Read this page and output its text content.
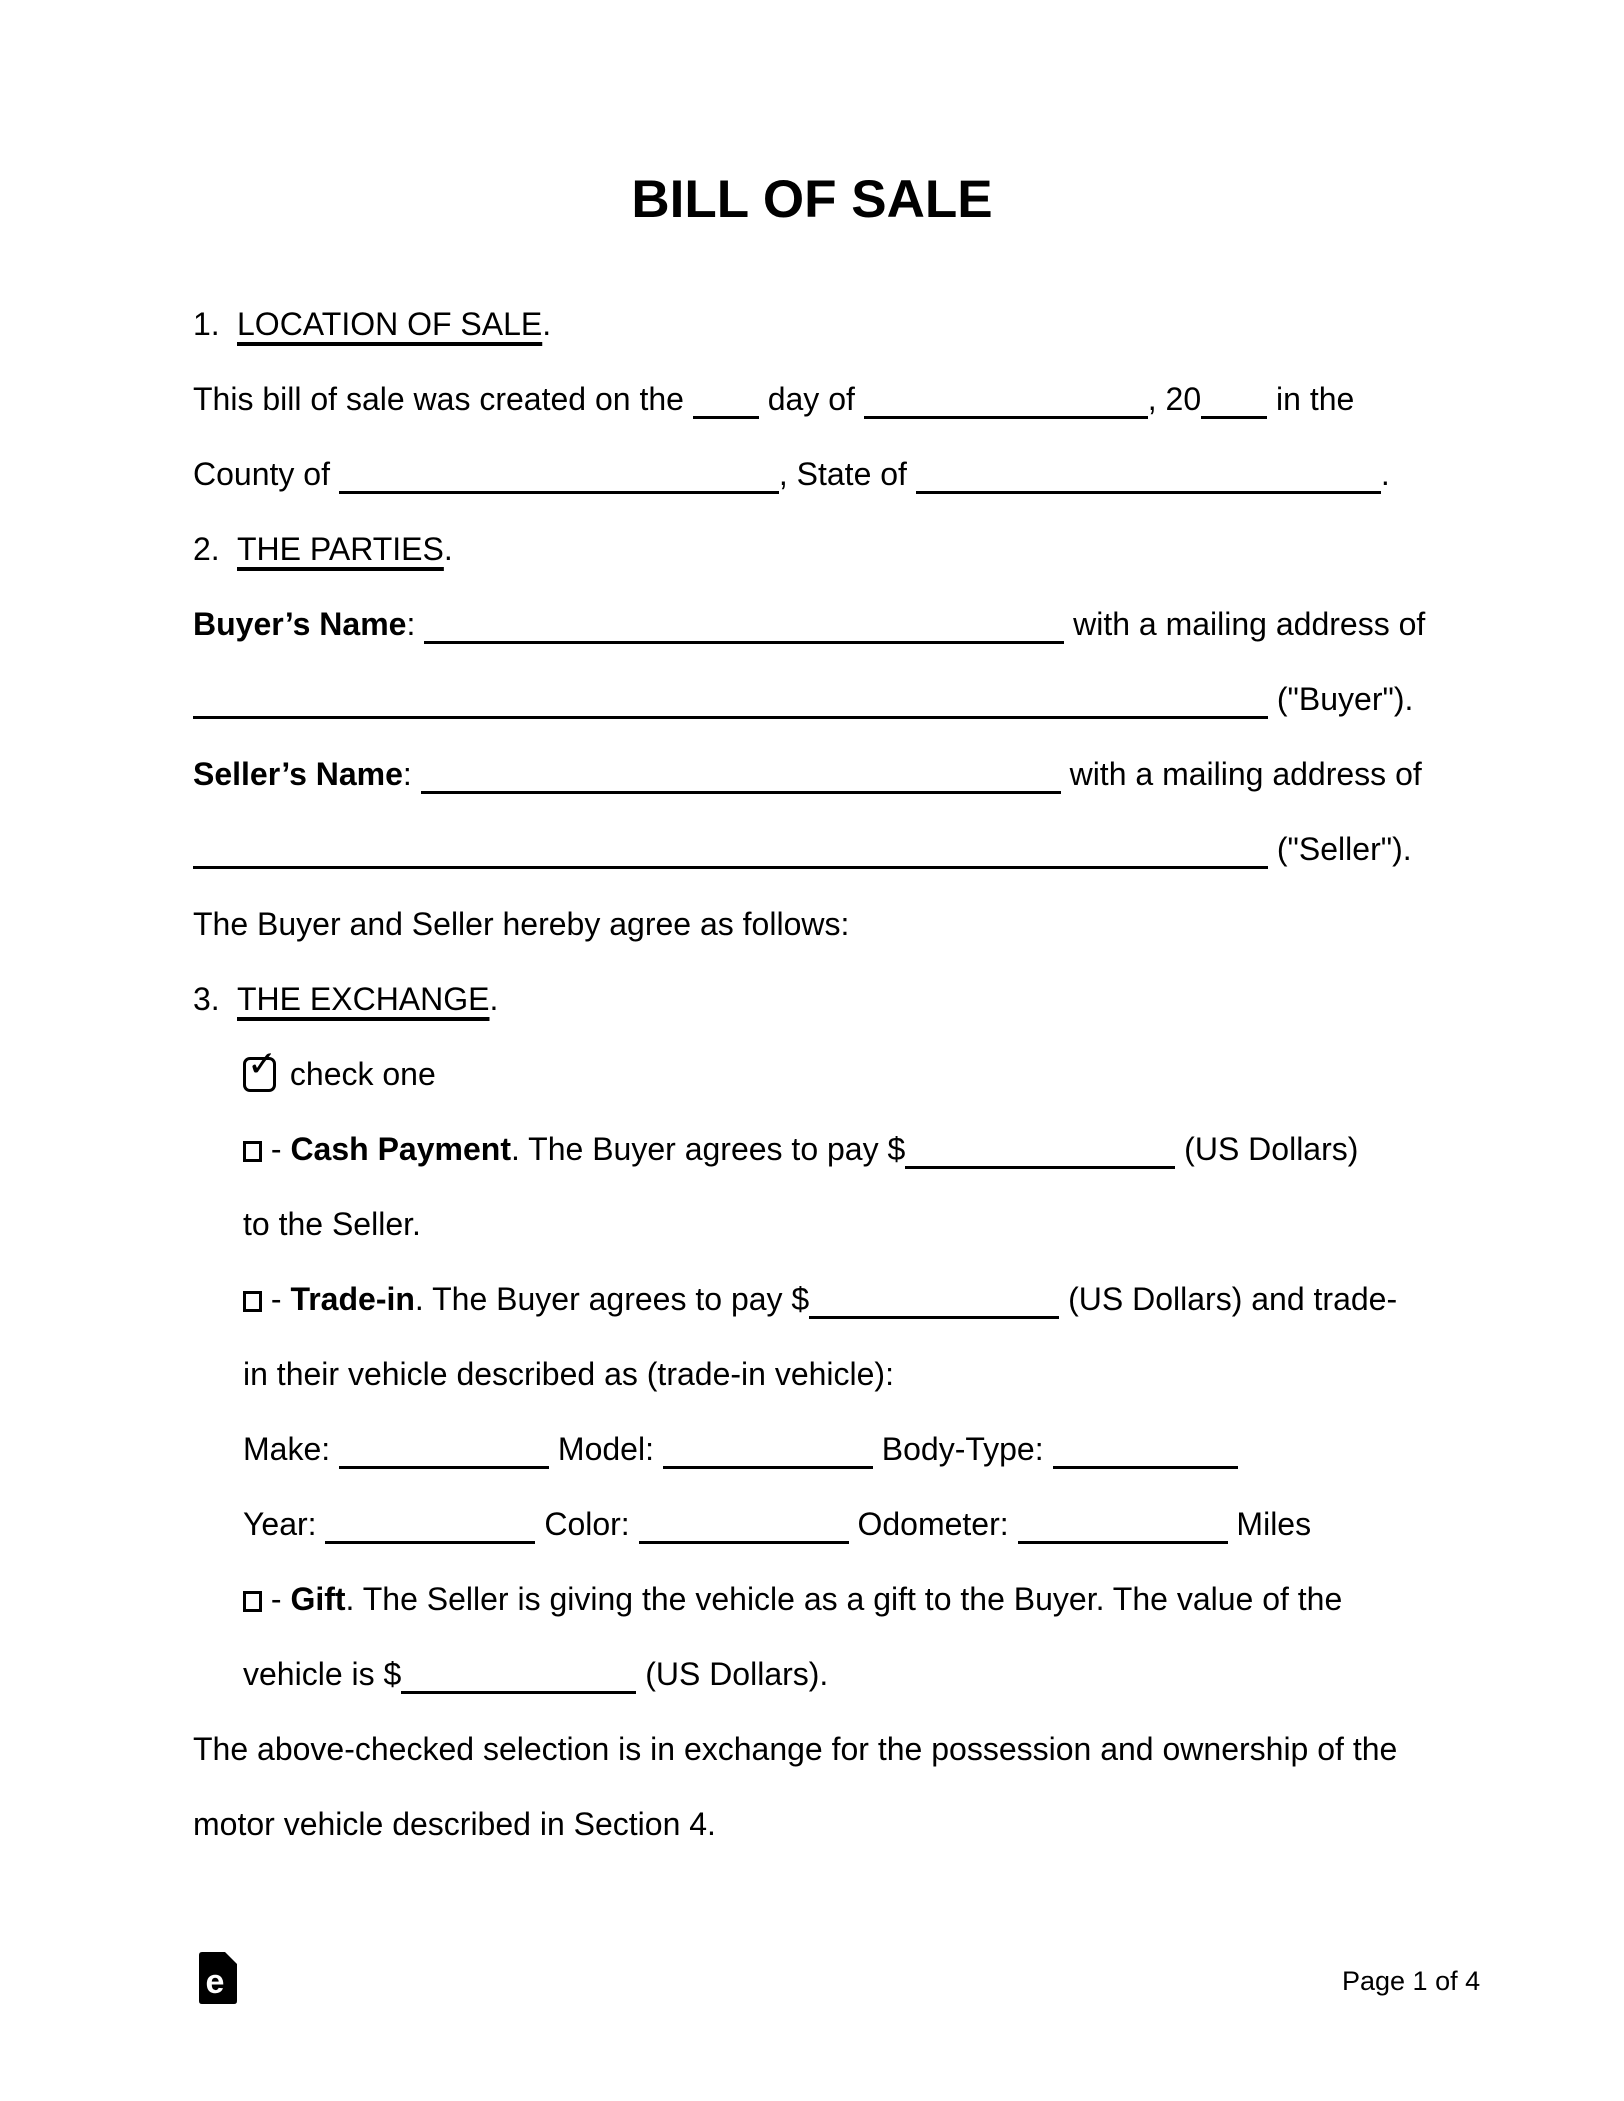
BILL OF SALE
1. LOCATION OF SALE.
This bill of sale was created on the  day of	, 20 in the
County of	, State of	.
2. THE PARTIES.
Buyer’s Name:	with a mailing address of
("Buyer").
Seller’s Name:	with a mailing address of
("Seller").
The Buyer and Seller hereby agree as follows:
3. THE EXCHANGE.
✓ check one
- Cash Payment. The Buyer agrees to pay $	(US Dollars)
to the Seller.
- Trade-in. The Buyer agrees to pay $	(US Dollars) and trade-
in their vehicle described as (trade-in vehicle):
Make:	Model:	Body-Type:
Year:	Color:	Odometer:	Miles
- Gift. The Seller is giving the vehicle as a gift to the Buyer. The value of the
vehicle is $	(US Dollars).
The above-checked selection is in exchange for the possession and ownership of the
motor vehicle described in Section 4.
e	Page 1 of 4
